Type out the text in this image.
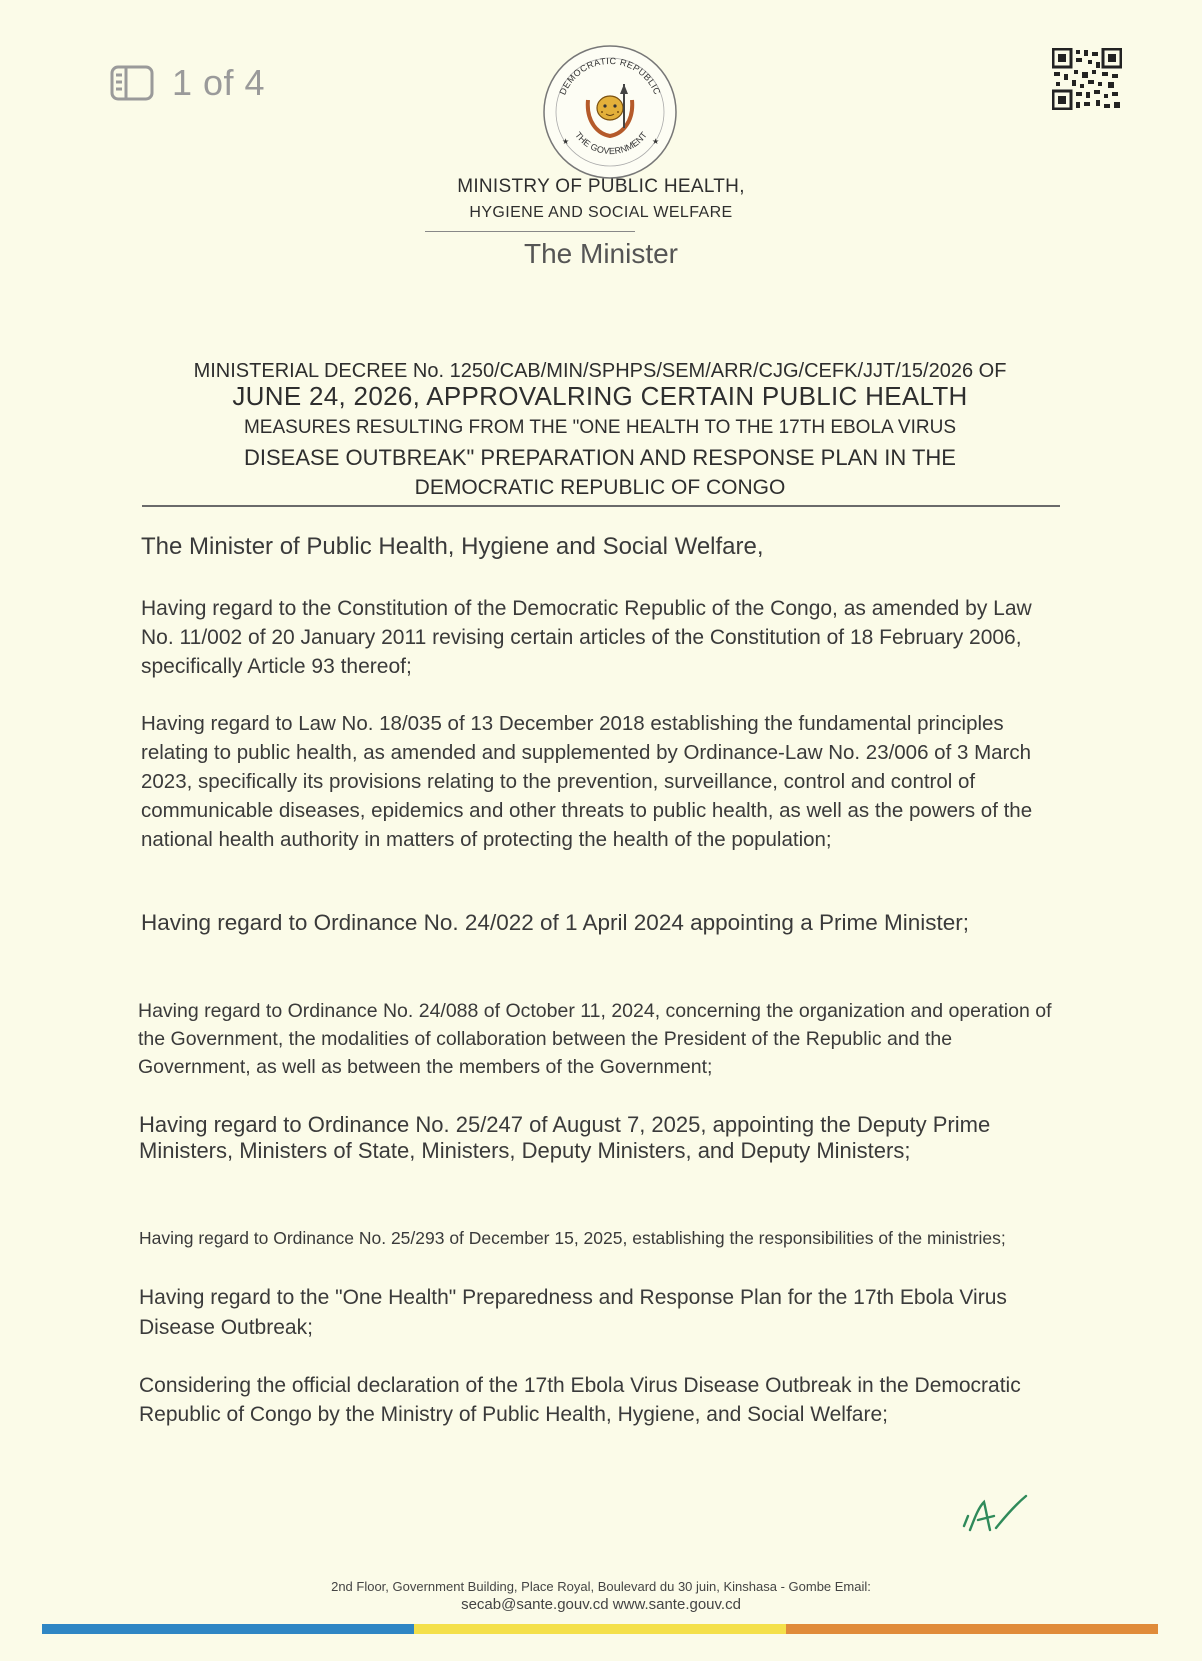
1 of 4	DEMOCRATIC REPUBLIC
THE GOVERNMENT
★	★
MINISTRY OF PUBLIC HEALTH,
HYGIENE AND SOCIAL WELFARE
The Minister
MINISTERIAL DECREE No. 1250/CAB/MIN/SPHPS/SEM/ARR/CJG/CEFK/JJT/15/2026 OF
JUNE 24, 2026, APPROVALRING CERTAIN PUBLIC HEALTH
MEASURES RESULTING FROM THE "ONE HEALTH TO THE 17TH EBOLA VIRUS
DISEASE OUTBREAK" PREPARATION AND RESPONSE PLAN IN THE
DEMOCRATIC REPUBLIC OF CONGO
The Minister of Public Health, Hygiene and Social Welfare,
Having regard to the Constitution of the Democratic Republic of the Congo, as amended by Law No. 11/002 of 20 January 2011 revising certain articles of the Constitution of 18 February 2006, specifically Article 93 thereof;
Having regard to Law No. 18/035 of 13 December 2018 establishing the fundamental principles relating to public health, as amended and supplemented by Ordinance-Law No. 23/006 of 3 March 2023, specifically its provisions relating to the prevention, surveillance, control and control of communicable diseases, epidemics and other threats to public health, as well as the powers of the national health authority in matters of protecting the health of the population;
Having regard to Ordinance No. 24/022 of 1 April 2024 appointing a Prime Minister;
Having regard to Ordinance No. 24/088 of October 11, 2024, concerning the organization and operation of the Government, the modalities of collaboration between the President of the Republic and the Government, as well as between the members of the Government;
Having regard to Ordinance No. 25/247 of August 7, 2025, appointing the Deputy Prime Ministers, Ministers of State, Ministers, Deputy Ministers, and Deputy Ministers;
Having regard to Ordinance No. 25/293 of December 15, 2025, establishing the responsibilities of the ministries;
Having regard to the "One Health" Preparedness and Response Plan for the 17th Ebola Virus Disease Outbreak;
Considering the official declaration of the 17th Ebola Virus Disease Outbreak in the Democratic Republic of Congo by the Ministry of Public Health, Hygiene, and Social Welfare;
2nd Floor, Government Building, Place Royal, Boulevard du 30 juin, Kinshasa - Gombe Email:
secab@sante.gouv.cd www.sante.gouv.cd
